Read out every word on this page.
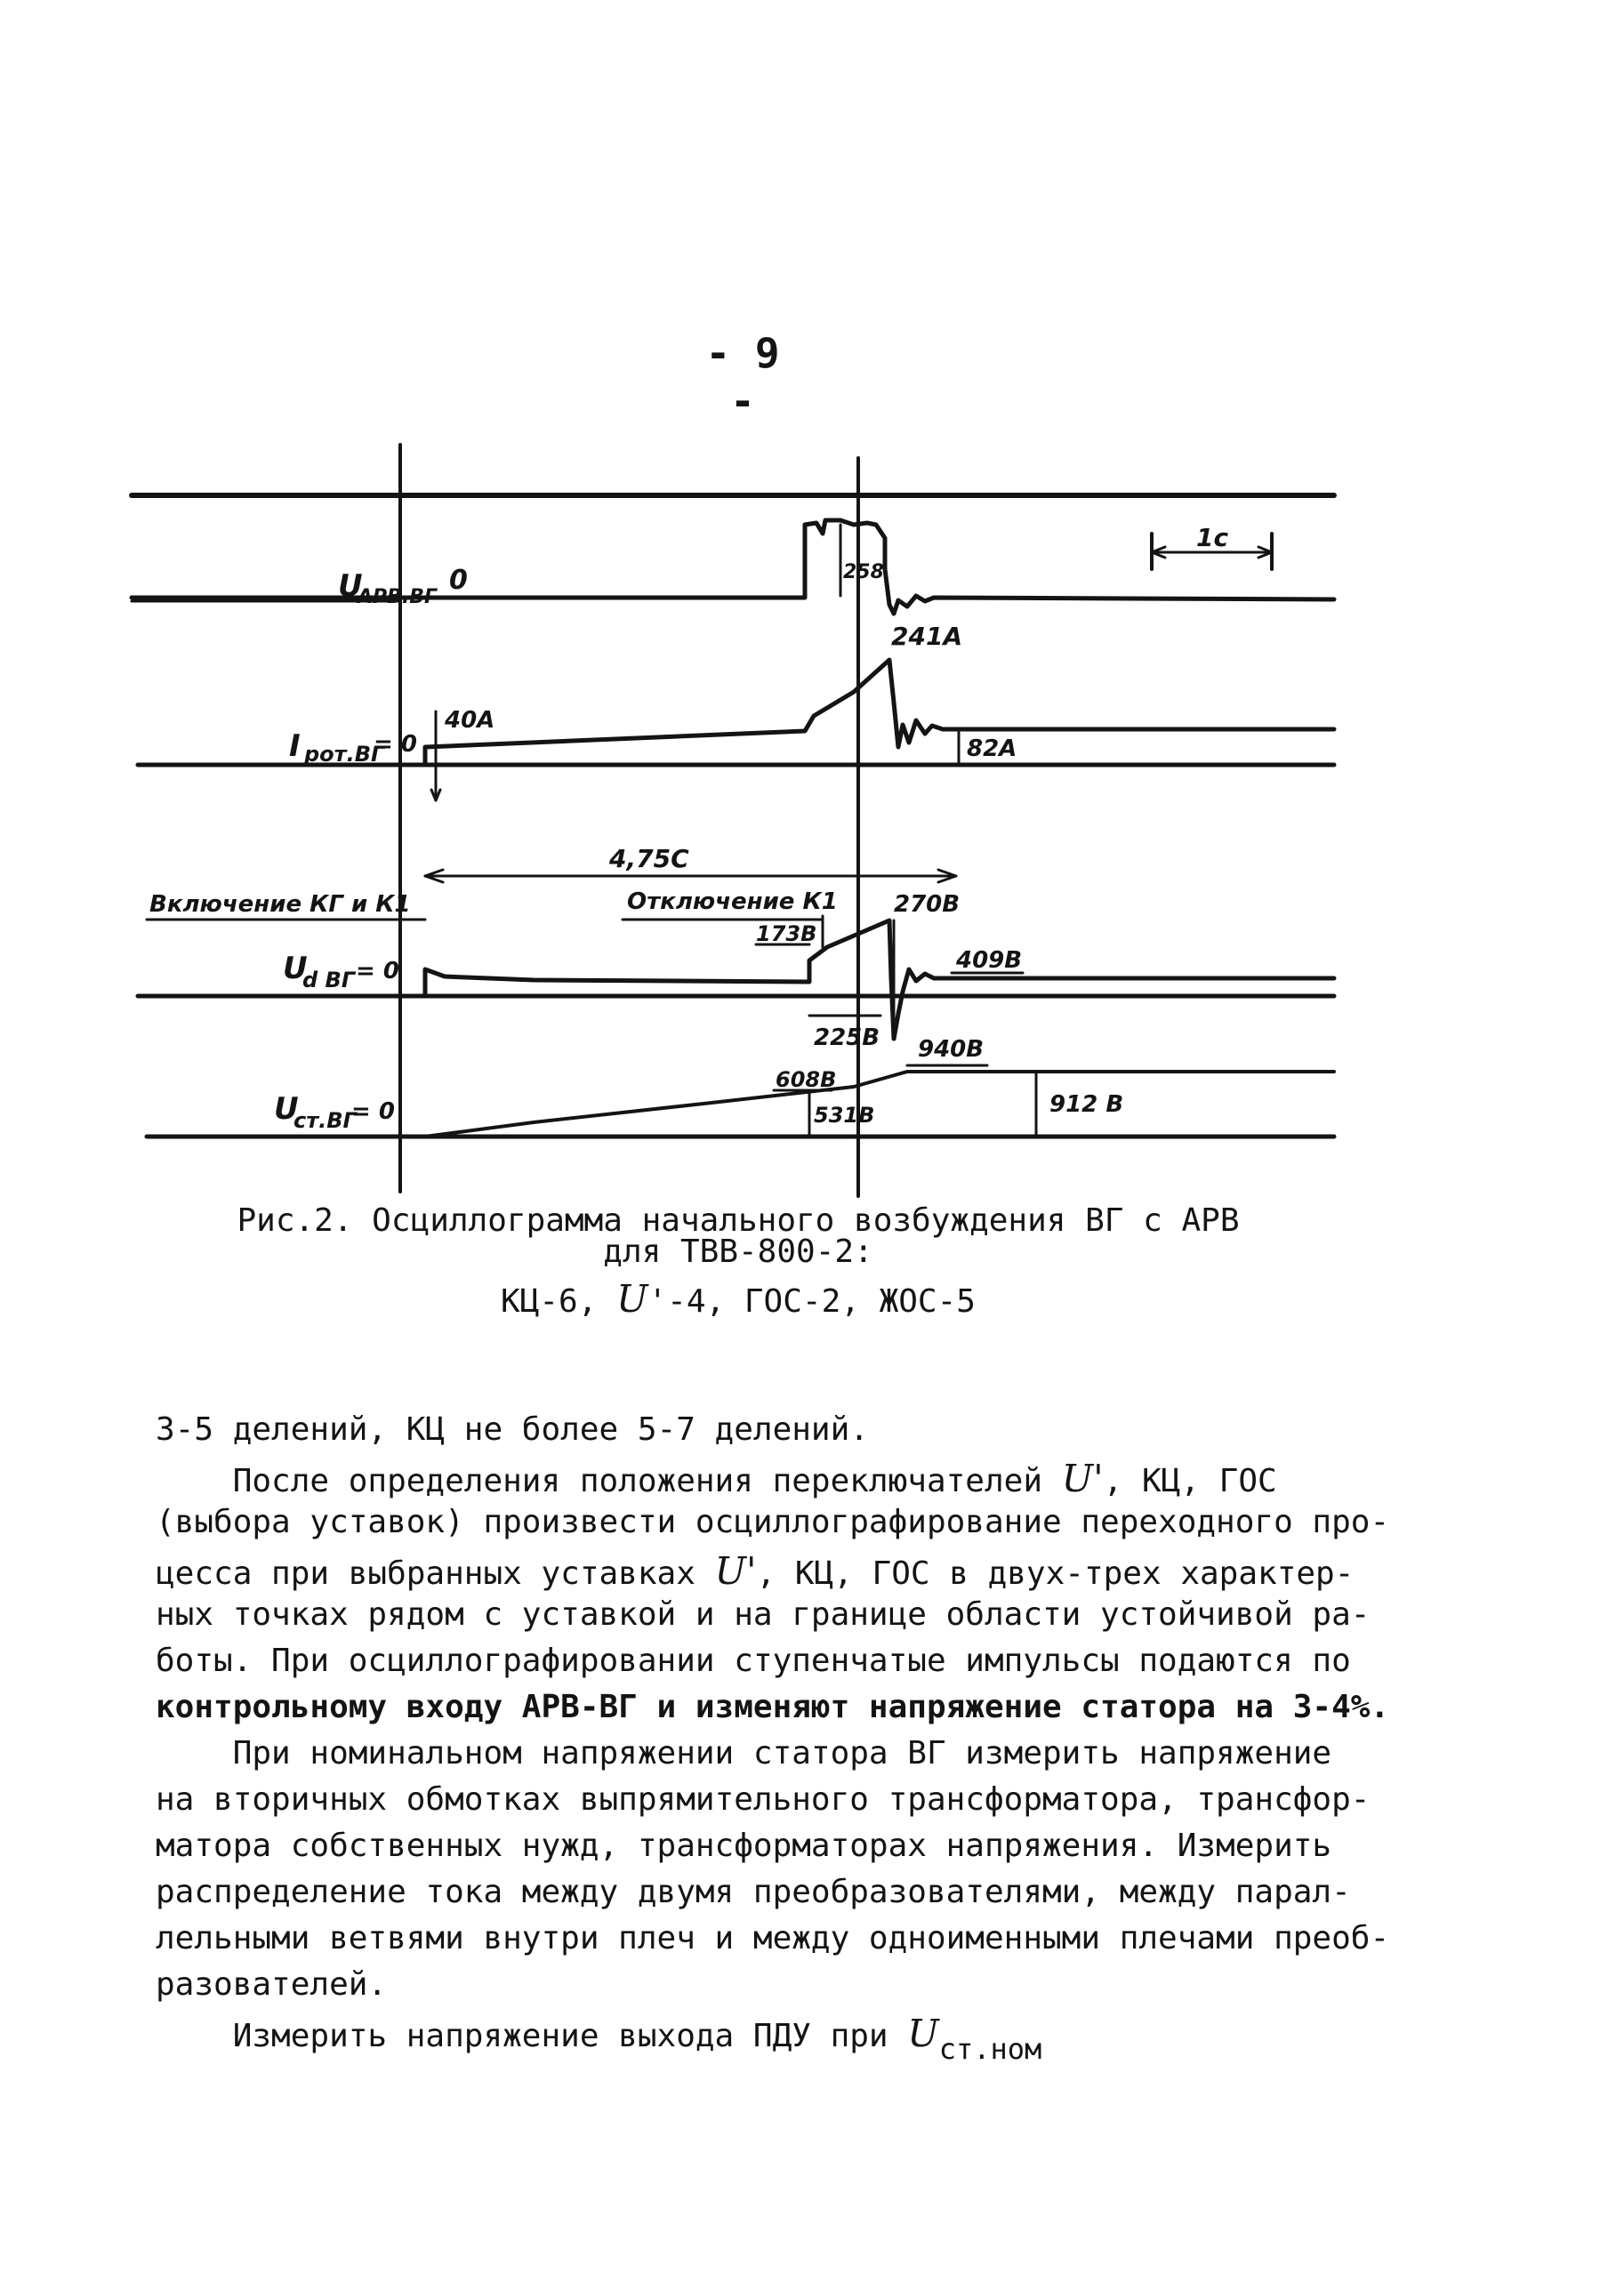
- 9 -
U
АРВ.ВГ
0
1с
258
241А
I рот.ВГ
= 0
40А
82А
4,75С
Включение КГ и К1	Отключение К1
173В
270В
409В
U
d ВГ = 0
225В 940В
608В
531В	912 В
U
ст.ВГ
= 0
Рис.2. Осциллограмма начального возбуждения ВГ с АРВ
для ТВВ-800-2:
КЦ-6, U'-4, ГОС-2, ЖОС-5
3-5 делений, КЦ не более 5-7 делений.
После определения положения переключателей U', КЦ, ГОС
(выбора уставок) произвести осциллографирование переходного про-
цесса при выбранных уставках U', КЦ, ГОС в двух-трех характер-
ных точках рядом с уставкой и на границе области устойчивой ра-
боты. При осциллографировании ступенчатые импульсы подаются по
контрольному входу АРВ-ВГ и изменяют напряжение статора на 3-4%.
При номинальном напряжении статора ВГ измерить напряжение
на вторичных обмотках выпрямительного трансформатора, трансфор-
матора собственных нужд, трансформаторах напряжения. Измерить
распределение тока между двумя преобразователями, между парал-
лельными ветвями внутри плеч и между одноименными плечами преоб-
разователей.
Измерить напряжение выхода ПДУ при Uст.ном
